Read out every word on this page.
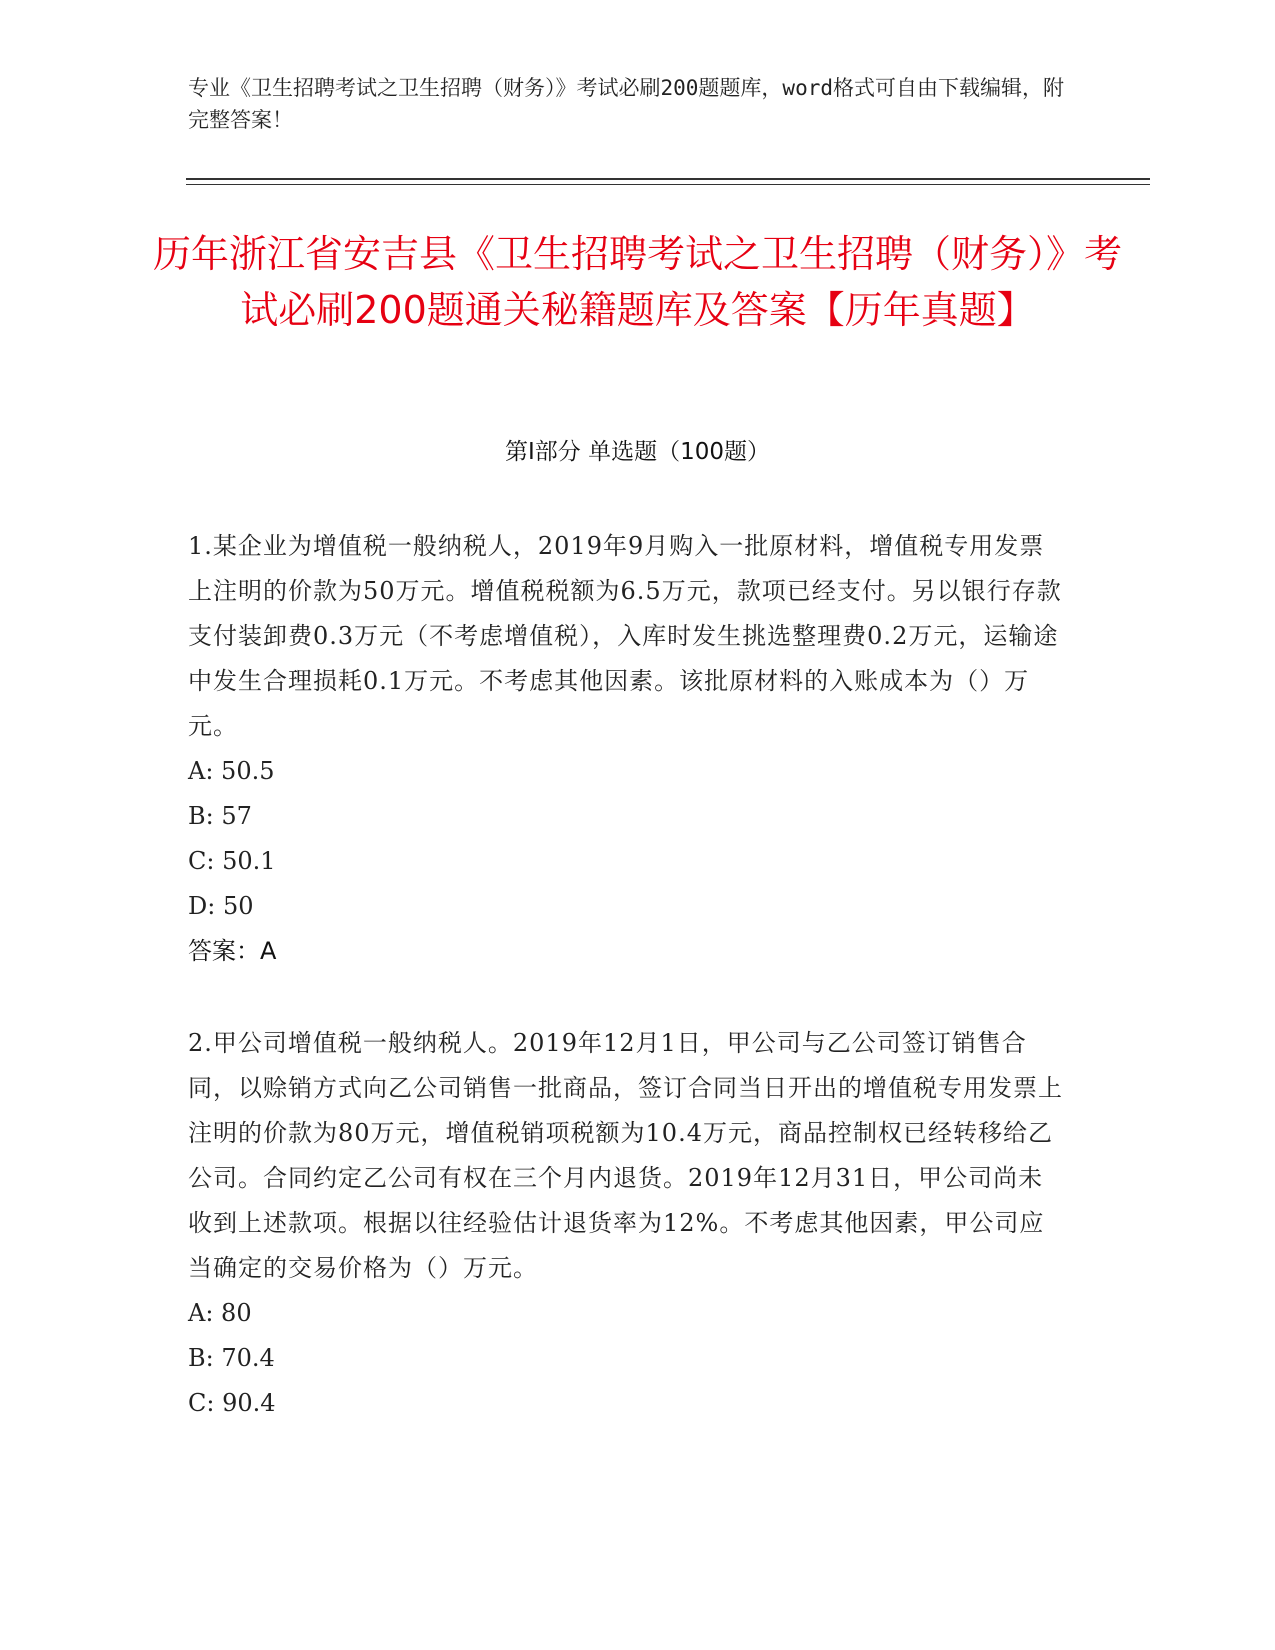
专业《卫生招聘考试之卫生招聘（财务）》考试必刷200题题库，word格式可自由下载编辑，附完整答案！
历年浙江省安吉县《卫生招聘考试之卫生招聘（财务）》考试必刷200题通关秘籍题库及答案【历年真题】
第Ⅰ部分 单选题（100题）

1.某企业为增值税一般纳税人，2019年9月购入一批原材料，增值税专用发票上注明的价款为50万元。增值税税额为6.5万元，款项已经支付。另以银行存款支付装卸费0.3万元（不考虑增值税），入库时发生挑选整理费0.2万元，运输途中发生合理损耗0.1万元。不考虑其他因素。该批原材料的入账成本为（）万元。

A: 50.5

B: 57

C: 50.1

D: 50

答案：A

2.甲公司增值税一般纳税人。2019年12月1日，甲公司与乙公司签订销售合同，以赊销方式向乙公司销售一批商品，签订合同当日开出的增值税专用发票上注明的价款为80万元，增值税销项税额为10.4万元，商品控制权已经转移给乙公司。合同约定乙公司有权在三个月内退货。2019年12月31日，甲公司尚未收到上述款项。根据以往经验估计退货率为12%。不考虑其他因素，甲公司应当确定的交易价格为（）万元。

A: 80

B: 70.4

C: 90.4
